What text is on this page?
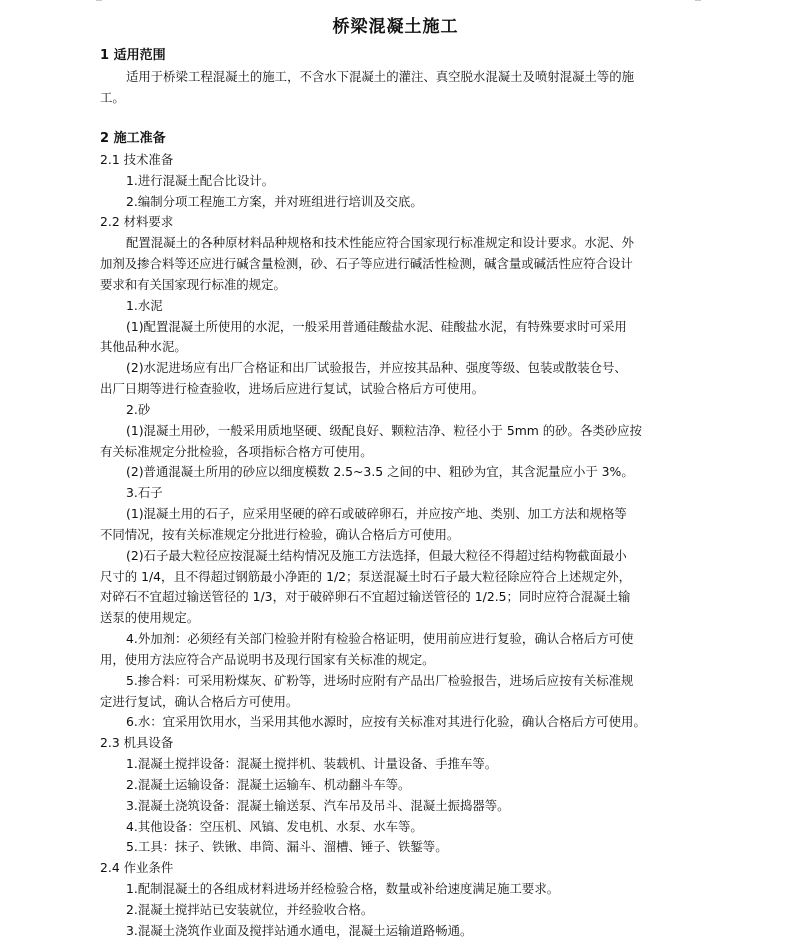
桥梁混凝土施工
1 适用范围
适用于桥梁工程混凝土的施工，不含水下混凝土的灌注、真空脱水混凝土及喷射混凝土等的施
工。
2 施工准备
2.1 技术准备
1.进行混凝土配合比设计。
2.编制分项工程施工方案，并对班组进行培训及交底。
2.2 材料要求
配置混凝土的各种原材料品种规格和技术性能应符合国家现行标准规定和设计要求。水泥、外
加剂及掺合料等还应进行碱含量检测，砂、石子等应进行碱活性检测，碱含量或碱活性应符合设计
要求和有关国家现行标准的规定。
1.水泥
(1)配置混凝土所使用的水泥，一般采用普通硅酸盐水泥、硅酸盐水泥，有特殊要求时可采用
其他品种水泥。
(2)水泥进场应有出厂合格证和出厂试验报告，并应按其品种、强度等级、包装或散装仓号、
出厂日期等进行检查验收，进场后应进行复试，试验合格后方可使用。
2.砂
(1)混凝土用砂，一般采用质地坚硬、级配良好、颗粒洁净、粒径小于 5mm 的砂。各类砂应按
有关标准规定分批检验，各项指标合格方可使用。
(2)普通混凝土所用的砂应以细度模数 2.5~3.5 之间的中、粗砂为宜，其含泥量应小于 3%。
3.石子
(1)混凝土用的石子，应采用坚硬的碎石或破碎卵石，并应按产地、类别、加工方法和规格等
不同情况，按有关标准规定分批进行检验，确认合格后方可使用。
(2)石子最大粒径应按混凝土结构情况及施工方法选择，但最大粒径不得超过结构物截面最小
尺寸的 1/4，且不得超过钢筋最小净距的 1/2；泵送混凝土时石子最大粒径除应符合上述规定外，
对碎石不宜超过输送管径的 1/3，对于破碎卵石不宜超过输送管径的 1/2.5；同时应符合混凝土输
送泵的使用规定。
4.外加剂：必须经有关部门检验并附有检验合格证明，使用前应进行复验，确认合格后方可使
用，使用方法应符合产品说明书及现行国家有关标准的规定。
5.掺合料：可采用粉煤灰、矿粉等，进场时应附有产品出厂检验报告，进场后应按有关标准规
定进行复试，确认合格后方可使用。
6.水：宜采用饮用水，当采用其他水源时，应按有关标准对其进行化验，确认合格后方可使用。
2.3 机具设备
1.混凝土搅拌设备：混凝土搅拌机、装载机、计量设备、手推车等。
2.混凝土运输设备：混凝土运输车、机动翻斗车等。
3.混凝土浇筑设备：混凝土输送泵、汽车吊及吊斗、混凝土振捣器等。
4.其他设备：空压机、风镐、发电机、水泵、水车等。
5.工具：抹子、铁锹、串筒、漏斗、溜槽、锤子、铁錾等。
2.4 作业条件
1.配制混凝土的各组成材料进场并经检验合格，数量或补给速度满足施工要求。
2.混凝土搅拌站已安装就位，并经验收合格。
3.混凝土浇筑作业面及搅拌站通水通电，混凝土运输道路畅通。
